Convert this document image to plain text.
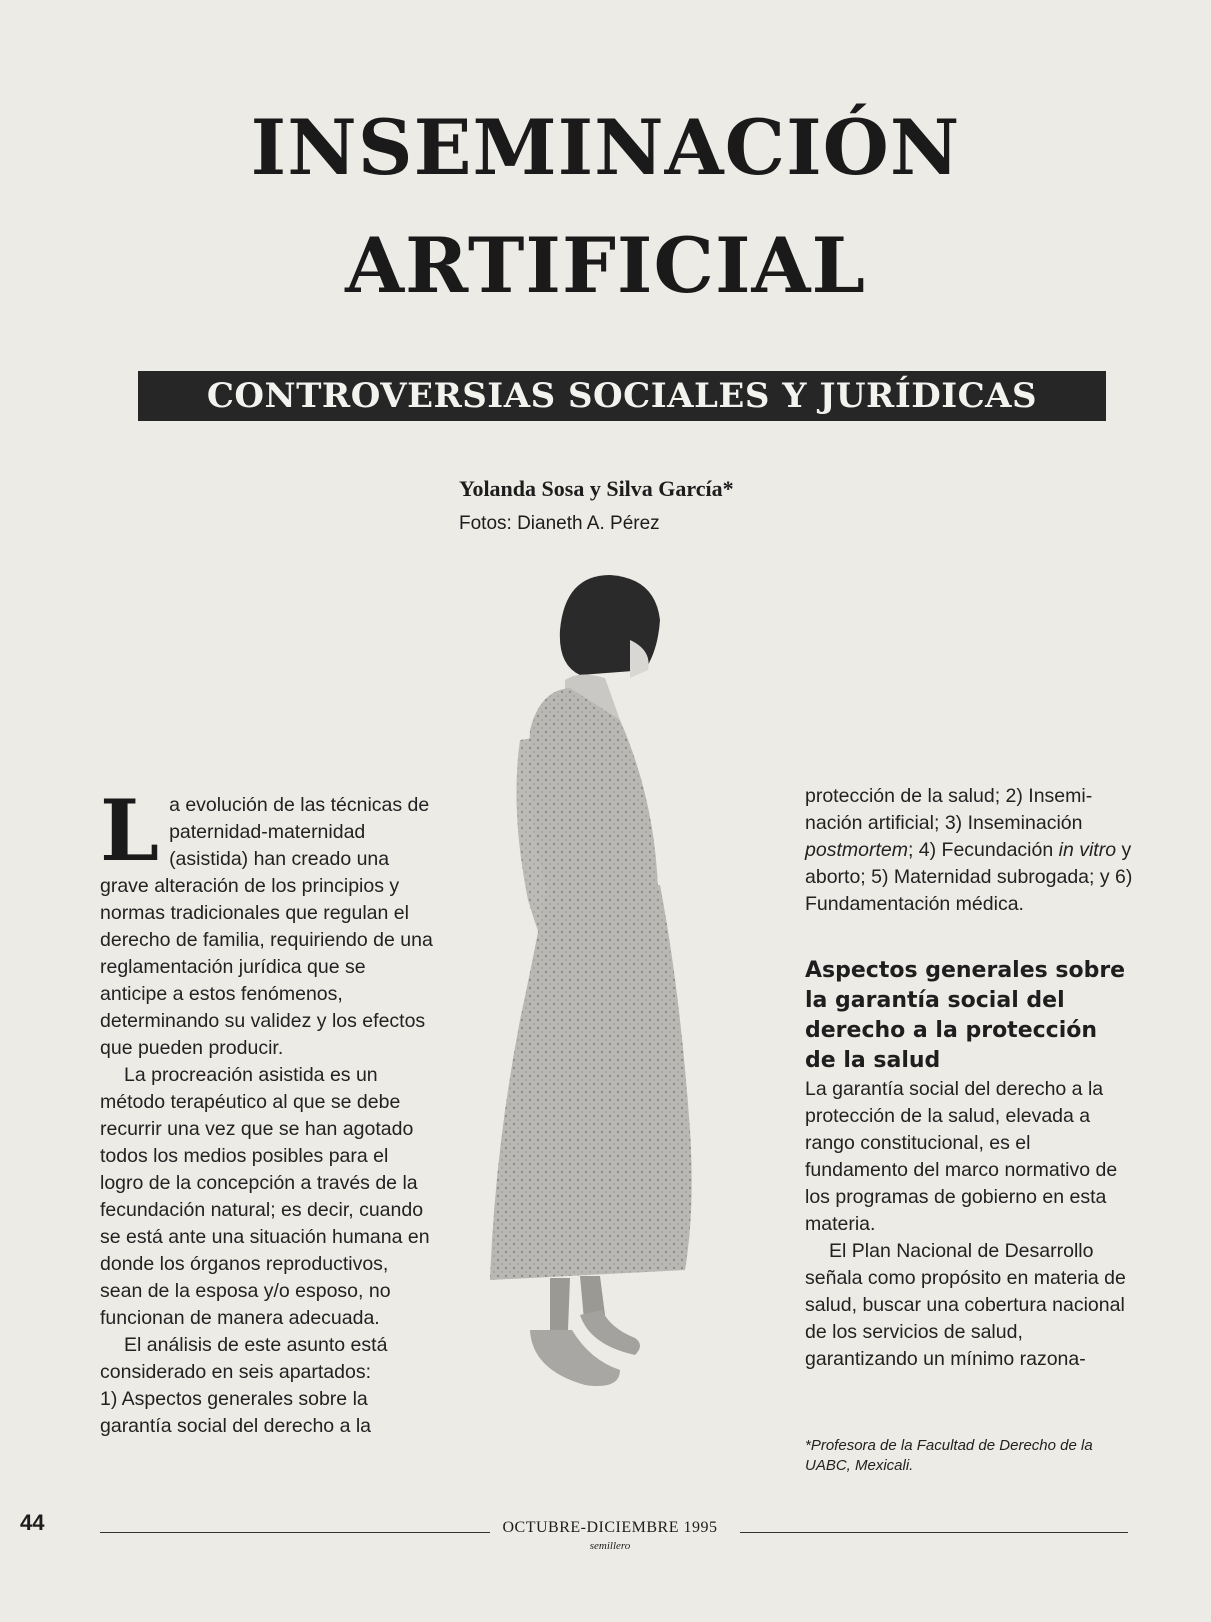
INSEMINACIÓN
ARTIFICIAL
CONTROVERSIAS SOCIALES Y JURÍDICAS
Yolanda Sosa y Silva García*
Fotos: Dianeth A. Pérez

La evolución de las técnicas de paternidad-maternidad (asistida) han creado una grave alteración de los principios y normas tradicionales que regulan el derecho de familia, requiriendo de una reglamentación jurídica que se anticipe a estos fenómenos, determinando su validez y los efectos que pueden producir.

La procreación asistida es un método terapéutico al que se debe recurrir una vez que se han agotado todos los medios posibles para el logro de la concepción a través de la fecundación natural; es decir, cuando se está ante una situación humana en donde los órganos reproductivos, sean de la esposa y/o esposo, no funcionan de manera adecuada.

El análisis de este asunto está considerado en seis apartados:

1) Aspectos generales sobre la garantía social del derecho a la

protección de la salud; 2) Insemi-nación artificial; 3) Inseminación postmortem; 4) Fecundación in vitro y aborto; 5) Maternidad subrogada; y 6) Fundamentación médica.

Aspectos generales sobre la garantía social del derecho a la protección de la salud

La garantía social del derecho a la protección de la salud, elevada a rango constitucional, es el fundamento del marco normativo de los programas de gobierno en esta materia.

El Plan Nacional de Desarrollo señala como propósito en materia de salud, buscar una cobertura nacional de los servicios de salud, garantizando un mínimo razona-

*Profesora de la Facultad de Derecho de la UABC, Mexicali.
44	OCTUBRE-DICIEMBRE 1995
semillero
